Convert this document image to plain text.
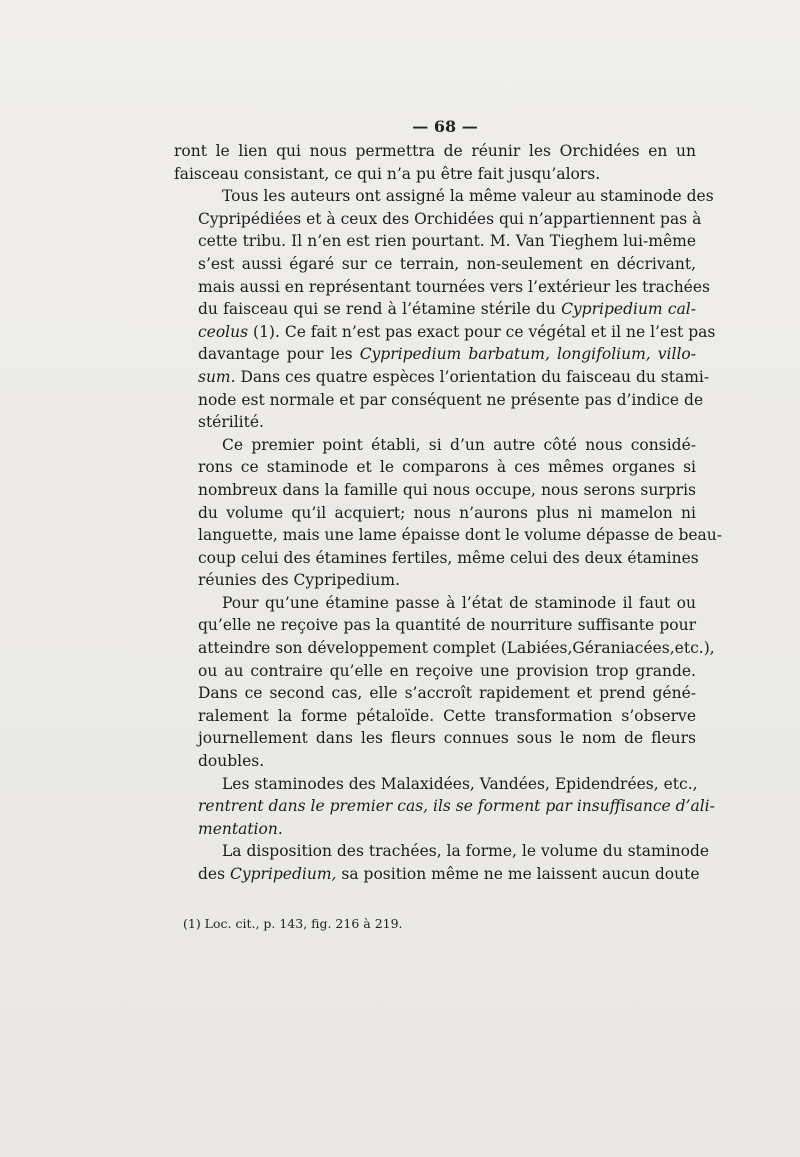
— 68 —
ront le lien qui nous permettra de réunir les Orchidées en un
faisceau consistant, ce qui n’a pu être fait jusqu’alors.
Tous les auteurs ont assigné la même valeur au staminode des
Cypripédiées et à ceux des Orchidées qui n’appartiennent pas à
cette tribu. Il n’en est rien pourtant. M. Van Tieghem lui-même
s’est aussi égaré sur ce terrain, non-seulement en décrivant,
mais aussi en représentant tournées vers l’extérieur les trachées
du faisceau qui se rend à l’étamine stérile du Cypripedium cal-
ceolus (1). Ce fait n’est pas exact pour ce végétal et il ne l’est pas
davantage pour les Cypripedium barbatum, longifolium, villo-
sum. Dans ces quatre espèces l’orientation du faisceau du stami-
node est normale et par conséquent ne présente pas d’indice de
stérilité.
Ce premier point établi, si d’un autre côté nous considé-
rons ce staminode et le comparons à ces mêmes organes si
nombreux dans la famille qui nous occupe, nous serons surpris
du volume qu’il acquiert; nous n’aurons plus ni mamelon ni
languette, mais une lame épaisse dont le volume dépasse de beau-
coup celui des étamines fertiles, même celui des deux étamines
réunies des Cypripedium.
Pour qu’une étamine passe à l’état de staminode il faut ou
qu’elle ne reçoive pas la quantité de nourriture suffisante pour
atteindre son développement complet (Labiées,Géraniacées,etc.),
ou au contraire qu’elle en reçoive une provision trop grande.
Dans ce second cas, elle s’accroît rapidement et prend géné-
ralement la forme pétaloïde. Cette transformation s’observe
journellement dans les fleurs connues sous le nom de fleurs
doubles.
Les staminodes des Malaxidées, Vandées, Epidendrées, etc.,
rentrent dans le premier cas, ils se forment par insuffisance d’ali-
mentation.
La disposition des trachées, la forme, le volume du staminode
des Cypripedium, sa position même ne me laissent aucun doute
(1) Loc. cit., p. 143, fig. 216 à 219.
